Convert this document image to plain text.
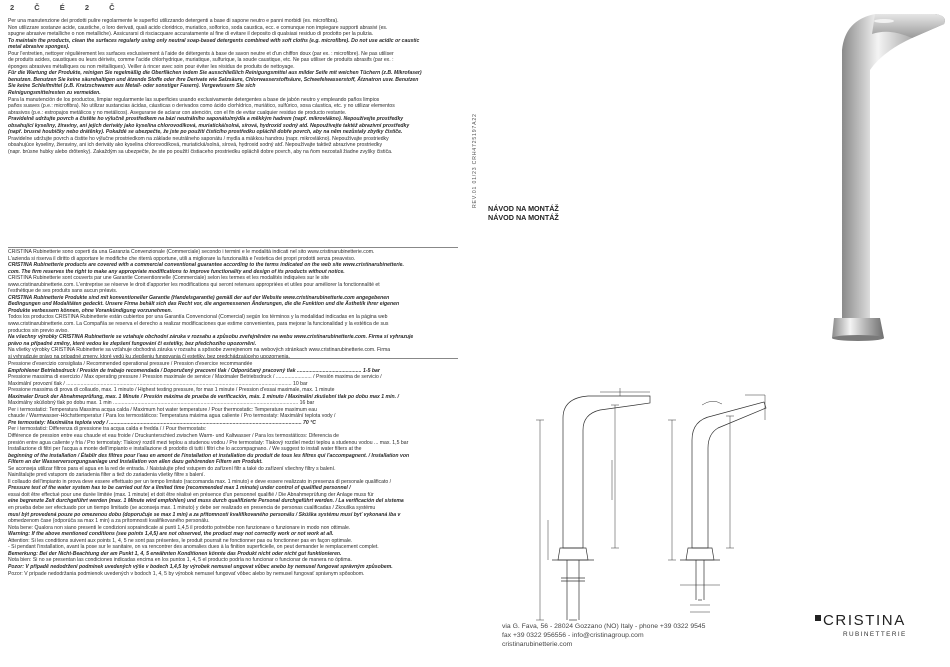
2 Č É 2 Č

Per una manutenzione dei prodotti pulire regolarmente le superfici utilizzando detergenti a base di sapone neutro e panni morbidi (es. microfibra).

Non utilizzare sostanze acide, caustiche, o loro derivati, quali acido cloridrico, muriatico, solforico, soda caustica, ecc. e comunque non impiegare supporti abrasivi (es.

spugne abrasive metalliche o non metalliche). Assicurarsi di risciacquare accuratamente al fine di evitare il deposito di qualsiasi residuo di prodotto per la pulizia.

To maintain the products, clean the surfaces regularly using only neutral soap-based detergents combined with soft cloths (e.g. microfibre). Do not use acidic or caustic

metal abrasive sponges).

Pour l'entretien, nettoyer régulièrement les surfaces exclusivement à l'aide de détergents à base de savon neutre et d'un chiffon doux (par ex. : microfibre). Ne pas utiliser

de produits acides, caustiques ou leurs dérivés, comme l'acide chlorhydrique, muriatique, sulfurique, la soude caustique, etc. Ne pas utiliser de produits abrasifs (par ex. :

éponges abrasives métalliques ou non métalliques). Veiller à rincer avec soin pour éviter les résidus de produits de nettoyage.

Für die Wartung der Produkte, reinigen Sie regelmäßig die Oberflächen indem Sie ausschließlich Reinigungsmittel aus milder Seife mit weichen Tüchern (z.B. Mikrofaser)

benutzen. Benutzen Sie keine säurehaltigen und ätzende Stoffe oder ihre Derivate wie Salzsäure, Chlorwasserstoffsäure, Schwefelwasserstoff, Ätznatron usw. Benutzen

Sie keine Schleifmittel (z.B. Kratzschwamm aus Metall- oder sonstiger Fasern). Vergewissern Sie sich

Reinigungsmittelresten zu vermeiden.

Para la manutención de los productos, limpiar regularmente las superficies usando exclusivamente detergentes a base de jabón neutro y empleando paños limpios

paños suaves (p.e.: microfibra). No utilizar sustancias ácidas, cáusticas o derivados como ácido clorhídrico, muriático, sulfúrico, sosa cáustica, etc. y no utilizar elementos

abrasivos (p.e.: estropajos metálicos y no metálicos). Asegurarse de aclarar con atención, con el fin de evitar cualquier residuo de producto restante.

Pravidelně udržujte povrch a čistěte ho výlučně prostředkem na bázi neutrálního saponátu/mýdla a měkkým hadrem (např. mikrovlákno). Nepoužívejte prostředky

obsahující kyseliny, žíraviny, ani jejich deriváty jako kyselina chlorovodíková, muriatická/solná, sírová, hydroxid sodný atd. Nepoužívejte taktéž abrazivní prostředky

(např. brusné houbičky nebo drátěnky). Pokaždé se ubezpečte, že jste po použití čisticího prostředku opláchli dobře povrch, aby na něm nezůstaly zbytky čističe.

Pravidelne udržujte povrch a čistite ho výlučne prostriedkom na základe neutrálneho saponátu / mydla a mäkkou handrou (napr. mikrovlákno). Nepoužívajte prostriedky

obsahujúce kyseliny, žieraviny, ani ich deriváty ako kyselina chlorovodíková, muriatická/solná, sírová, hydroxid sodný atď. Nepoužívajte taktiež abrazívne prostriedky

(napr. brúsne hubky alebo drôtenky). Zakaždým sa ubezpečte, že ste po použití čistiaceho prostriedku opláchli dobre povrch, aby na ňom nezostali žiadne zvyšky čističa.

CRISTINA Rubinetterie sono coperti da una Garanzia Convenzionale (Commerciale) secondo i termini e le modalità indicati nel sito www.cristinarubinetterie.com.

L'azienda si riserva il diritto di apportare le modifiche che riterrà opportune, utili a migliorare la funzionalità e l'estetica dei propri prodotti senza preavviso.

CRISTINA Rubinetterie products are covered with a commercial conventional guarantee according to the terms indicated on the web site www.cristinarubinetterie.

com. The firm reserves the right to make any appropriate modifications to improve functionality and design of its products without notice.

CRISTINA Rubinetterie sont couverts par une Garantie Conventionnelle (Commerciale) selon les termes et les modalités indiquées sur le site

www.cristinarubinetterie.com. L'entreprise se réserve le droit d'apporter les modifications qui seront retenues appropriées et utiles pour améliorer la fonctionnalité et

l'esthétique de ses produits sans aucun préavis.

CRISTINA Rubinetterie Produkte sind mit konventioneller Garantie (Handelsgarantie) gemäß der auf der Website www.cristinarubinetterie.com angegebenen

Bedingungen und Modalitäten gedeckt. Unsere Firma behält sich das Recht vor, die angemessenen Änderungen, die die Funktion und die Ästhetik ihrer eigenen

Produkte verbessern können, ohne Vorankündigung vorzunehmen.

Todos los productos CRISTINA Rubinetterie están cubiertos por una Garantía Convencional (Comercial) según los términos y la modalidad indicadas en la página web

www.cristinarubinetterie.com. La Compañía se reserva el derecho a realizar modificaciones que estime convenientes, para mejorar la funcionalidad y la estética de sus

productos sin previo aviso.

Na všechny výrobky CRISTINA Rubinetterie se vztahuje obchodní záruka v rozsahu a způsobu zveřejněném na webu www.cristinarubinetterie.com. Firma si vyhrazuje

právo na případné změny, které vedou ke zlepšení fungování či estetiky, bez předchozího upozornění.

Na všetky výrobky CRISTINA Rubinetterie sa vzťahuje obchodná záruka v rozsahu a spôsobe zverejnenom na webových stránkach www.cristinarubinetterie.com. Firma

si vyhradzuje právo na prípadné zmeny, ktoré vedú ku zlepšeniu fungovania či estetiky, bez predchádzajúceho upozornenia.

Pressione d'esercizio consigliata / Recommended operational pressure / Pression d'exercice recommandée

Empfohlener Betriebsdruck / Presión de trabajo recomendada / Doporučený pracovní tlak / Odporúčaný pracovný tlak ............................................. 1-5 bar

Pressione massima di esercizio / Max operating pressure / Pression maximale de service / Maximaler Betriebsdruck / ......................... / Presión maxima de servicio /

Maximální provozní tlak / ............................................................................................................................................................. 10 bar

Pressione massima di prova di collaudo, max. 1 minuto / Highest testing pressure, for max 1 minute / Pression d'essai maximale, max. 1 minute

Maximaler Druck der Abnahmeprüfung, max. 1 Minute / Presión máxima de prueba de verificación, máx. 1 minuto / Maximální zkušební tlak po dobu max 1 min. /

Maximálny skúšobný tlak po dobu max. 1 min ................................................................................................................................. 16 bar

Per i termostatici: Temperatura Massima acqua calda / Maximum hot water temperature / Pour thermostatic: Temperature maximum eau

chaude / Warmwasser-Höchsttemperatur / Para los termostáticos: Temperatura máxima agua caliente / Pro termostaty: Maximální teplota vody /

Pre termostaty: Maximálna teplota vody / ...................................................................................................................................... 70 °C

Per i termostatici: Differenza di pressione tra acqua calda e fredda / / Pour thermostats:

Différence de pression entre eau chaude et eau froide / Druckunterschied zwischen Warm- und Kaltwasser / Para los termostáticos: Diferencia de

presión entre agua caliente y fría / Pro termostaty: Tlakový rozdíl mezi teplou a studenou vodou / Pre termostaty: Tlakový rozdiel medzi teplou a studenou vodou ... max. 1,5 bar

Installazione di filtri per l'acqua a monte dell'impianto e installazione di prodotto di tutti i filtri che lo accompagnano. / We suggest to install water filters at the

beginning of the installation / Établir des filtres pour l'eau en amont de l'installation et installation du produit de tous les filtres qui l'accompagnent. / Installation von

Filtern an der Wasserversorgungsanlage und Installation von allen dazu gehörenden Filtern am Produkt.

Se aconseja utilizar filtros para el agua en la red de entrada. / Naistalujte před vstupem do zařízení filtr a také do zařízení všechny filtry s balení.

Nainštalujte pred vstupom do zariadenia filter a tiež do zariadenia všetky filtre s balení.

Il collaudo dell'impianto in prova deve essere effettuato per un tempo limitato (raccomanda max. 1 minuto) e deve essere realizzato in presenza di personale qualificato /

Pressure test of the water system has to be carried out for a limited time (recommended max 1 minute) under control of qualified personnel /

essai doit être effectué pour une durée limitée (max. 1 minute) et doit être réalisé en présence d'un personnel qualifié / Die Abnahmeprüfung der Anlage muss für

eine begrenzte Zeit durchgeführt werden (max. 1 Minute wird empfohlen) und muss durch qualifizierte Personal durchgeführt werden. / La verificación del sistema

en prueba debe ser efectuado por un tiempo limitado (se aconseja max. 1 minuto) y debe ser realizado en presencia de personas cualificadas / Zkouška systému

musí být provedená pouze po omezenou dobu (doporučuje se max 1 min) a za přítomnosti kvalifikovaného personálu / Skúška systému musí byť vykonaná iba v

obmedzenom čase (odporúča sa max 1 min) a za prítomnosti kvalifikovaného personálu.

Nota bene: Qualora non siano presenti le condizioni sopraindicate ai punti 1,4,5 il prodotto potrebbe non funzionare o funzionare in modo non ottimale.

Warning: If the above mentioned conditions (see points 1,4,5) are not observed, the product may not correctly work or not work at all.

Attention: Si les conditions suivent aux points 1, 4, 5 ne sont pas présentes, le produit pourrait ne fonctionner pas ou fonctionner pas en façon optimale.

- Si pendant l'installation, avant la pose sur le sanitaire, on va rencontrer des anomalies dues à la finition superficielle, on peut demander le remplacement complet.

Bemerkung: Bei der Nicht-Beachtung der am Punkt 1, 4, 5 erwähnten Konditionen könnte das Produkt nicht oder nicht gut funktionieren.

Nota bien: Si no se presentan las condiciones indicadas encima en los puntos 1, 4, 5 el producto podría no funcionar o funcionar de manera no óptima.

Pozor: V případě nedodržení podmínek uvedených výše v bodech 1,4,5 by výrobek nemusel ungovat vůbec anebo by nemusel fungovat správným způsobem.

Pozor: V prípade nedodržania podmienok uvedených v bodoch 1, 4, 5 by výrobok nemusel fungovať vôbec alebo by nemusel fungovať správnym spôsobom.

REV.01 01/23 CRH4725197A22
NÁVOD NA MONTÁŽ
NÁVOD NA MONTÁŽ
via G. Fava, 56 - 28024 Gozzano (NO) Italy - phone +39 0322 9545
fax +39 0322 956556 - info@cristinagroup.com
cristinarubinetterie.com
CRISTINA
RUBINETTERIE
